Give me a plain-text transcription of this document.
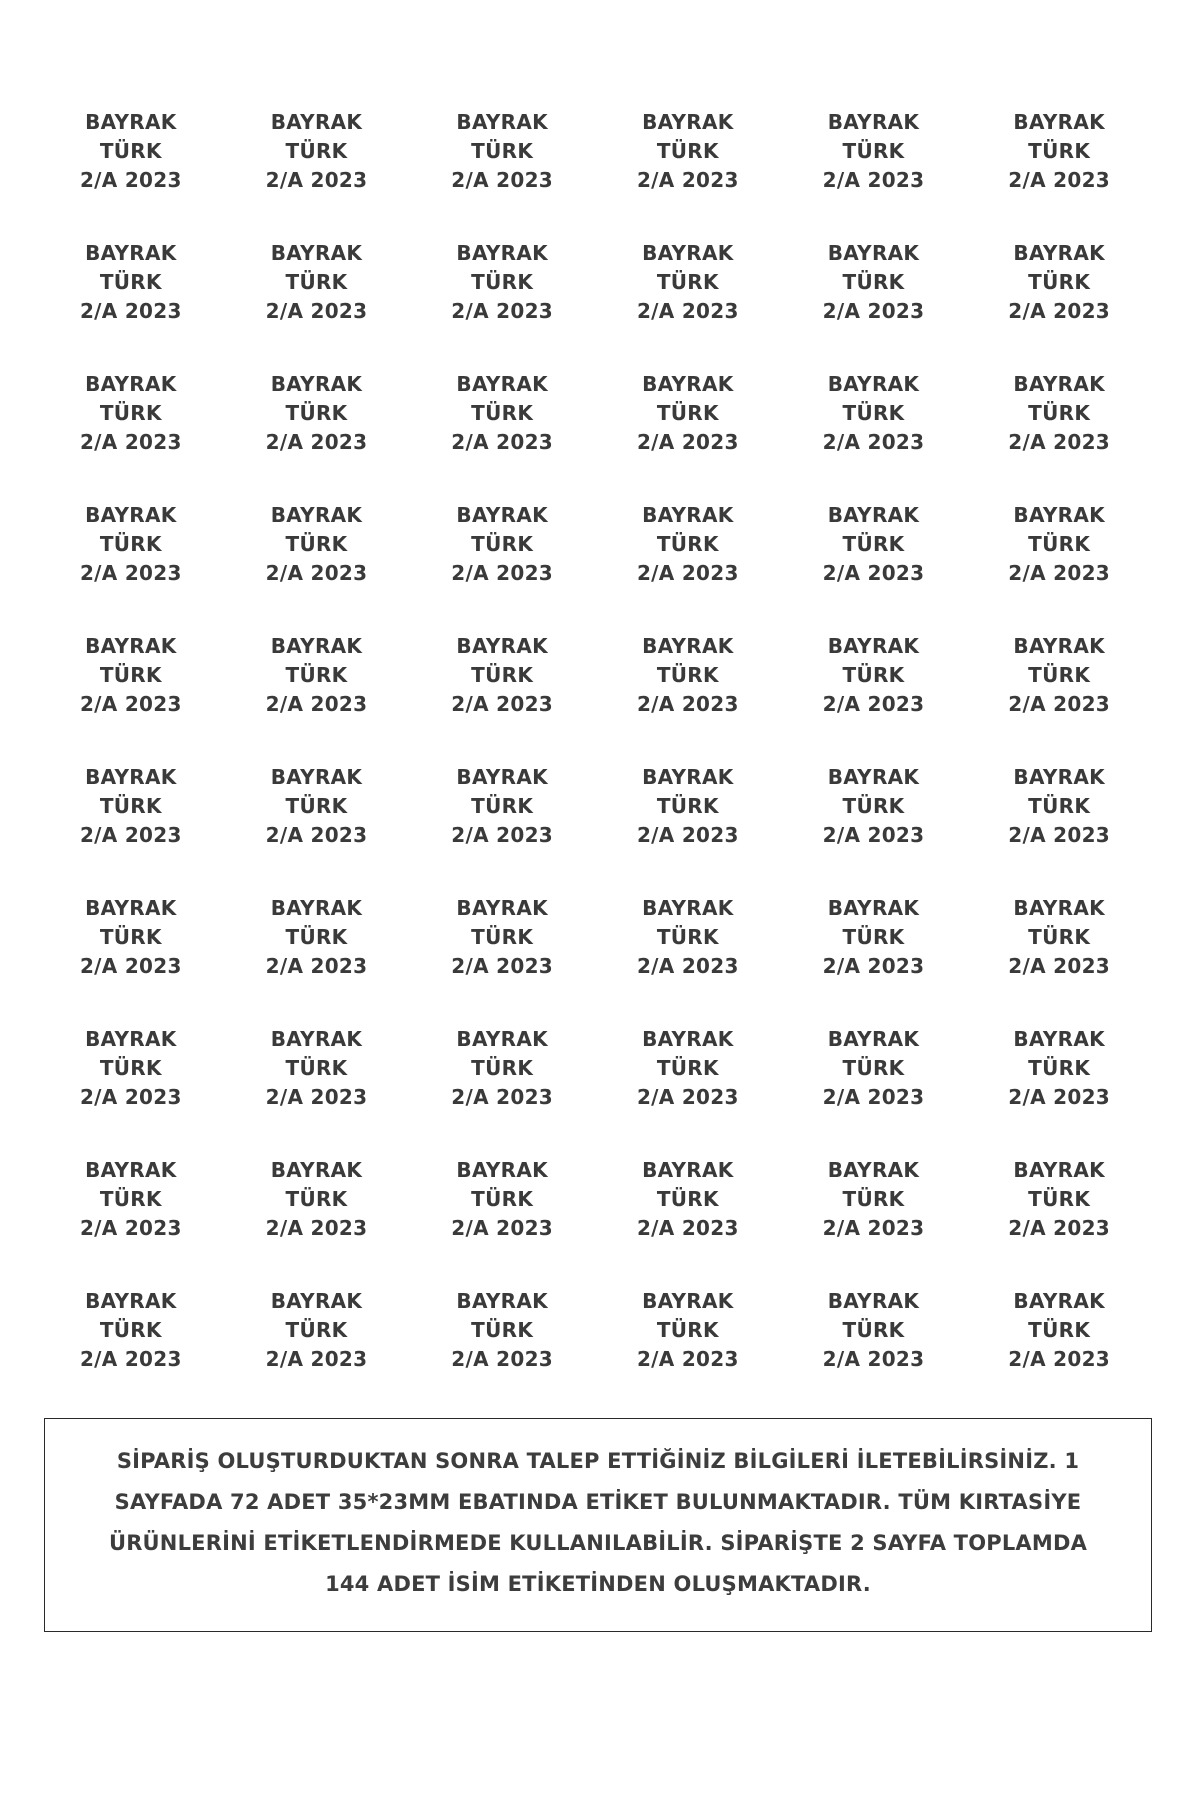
BAYRAK
TÜRK
2/A 2023
BAYRAK
TÜRK
2/A 2023
BAYRAK
TÜRK
2/A 2023
BAYRAK
TÜRK
2/A 2023
BAYRAK
TÜRK
2/A 2023
BAYRAK
TÜRK
2/A 2023
BAYRAK
TÜRK
2/A 2023
BAYRAK
TÜRK
2/A 2023
BAYRAK
TÜRK
2/A 2023
BAYRAK
TÜRK
2/A 2023
BAYRAK
TÜRK
2/A 2023
BAYRAK
TÜRK
2/A 2023
BAYRAK
TÜRK
2/A 2023
BAYRAK
TÜRK
2/A 2023
BAYRAK
TÜRK
2/A 2023
BAYRAK
TÜRK
2/A 2023
BAYRAK
TÜRK
2/A 2023
BAYRAK
TÜRK
2/A 2023
BAYRAK
TÜRK
2/A 2023
BAYRAK
TÜRK
2/A 2023
BAYRAK
TÜRK
2/A 2023
BAYRAK
TÜRK
2/A 2023
BAYRAK
TÜRK
2/A 2023
BAYRAK
TÜRK
2/A 2023
BAYRAK
TÜRK
2/A 2023
BAYRAK
TÜRK
2/A 2023
BAYRAK
TÜRK
2/A 2023
BAYRAK
TÜRK
2/A 2023
BAYRAK
TÜRK
2/A 2023
BAYRAK
TÜRK
2/A 2023
BAYRAK
TÜRK
2/A 2023
BAYRAK
TÜRK
2/A 2023
BAYRAK
TÜRK
2/A 2023
BAYRAK
TÜRK
2/A 2023
BAYRAK
TÜRK
2/A 2023
BAYRAK
TÜRK
2/A 2023
BAYRAK
TÜRK
2/A 2023
BAYRAK
TÜRK
2/A 2023
BAYRAK
TÜRK
2/A 2023
BAYRAK
TÜRK
2/A 2023
BAYRAK
TÜRK
2/A 2023
BAYRAK
TÜRK
2/A 2023
BAYRAK
TÜRK
2/A 2023
BAYRAK
TÜRK
2/A 2023
BAYRAK
TÜRK
2/A 2023
BAYRAK
TÜRK
2/A 2023
BAYRAK
TÜRK
2/A 2023
BAYRAK
TÜRK
2/A 2023
BAYRAK
TÜRK
2/A 2023
BAYRAK
TÜRK
2/A 2023
BAYRAK
TÜRK
2/A 2023
BAYRAK
TÜRK
2/A 2023
BAYRAK
TÜRK
2/A 2023
BAYRAK
TÜRK
2/A 2023
BAYRAK
TÜRK
2/A 2023
BAYRAK
TÜRK
2/A 2023
BAYRAK
TÜRK
2/A 2023
BAYRAK
TÜRK
2/A 2023
BAYRAK
TÜRK
2/A 2023
BAYRAK
TÜRK
2/A 2023

SİPARİŞ OLUŞTURDUKTAN SONRA TALEP ETTİĞİNİZ BİLGİLERİ İLETEBİLİRSİNİZ. 1 SAYFADA 72 ADET 35*23MM EBATINDA ETİKET BULUNMAKTADIR. TÜM KIRTASİYE ÜRÜNLERİNİ ETİKETLENDİRMEDE KULLANILABİLİR. SİPARİŞTE 2 SAYFA TOPLAMDA 144 ADET İSİM ETİKETİNDEN OLUŞMAKTADIR.
